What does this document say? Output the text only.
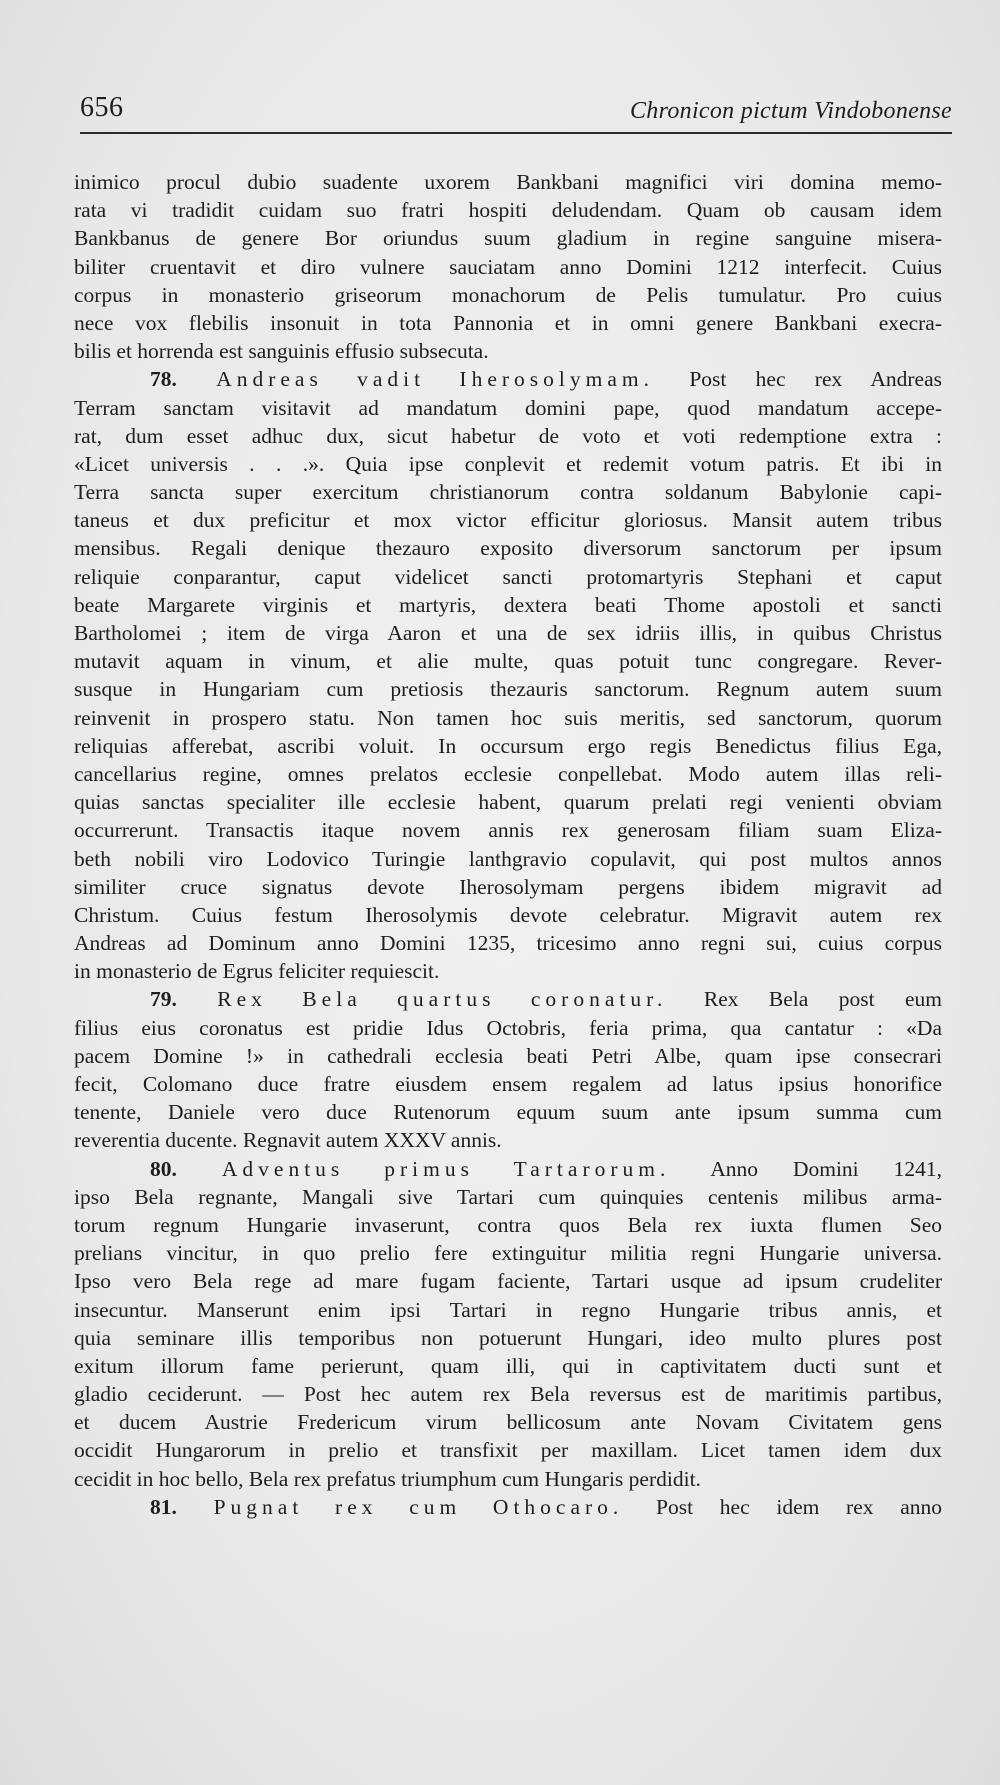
656	Chronicon pictum Vindobonense
inimico procul dubio suadente uxorem Bankbani magnifici viri domina memo-
rata vi tradidit cuidam suo fratri hospiti deludendam. Quam ob causam idem
Bankbanus de genere Bor oriundus suum gladium in regine sanguine misera-
biliter cruentavit et diro vulnere sauciatam anno Domini 1212 interfecit. Cuius
corpus in monasterio griseorum monachorum de Pelis tumulatur. Pro cuius
nece vox flebilis insonuit in tota Pannonia et in omni genere Bankbani execra-
bilis et horrenda est sanguinis effusio subsecuta.
78. Andreas vadit Iherosolymam. Post hec rex Andreas
Terram sanctam visitavit ad mandatum domini pape, quod mandatum accepe-
rat, dum esset adhuc dux, sicut habetur de voto et voti redemptione extra :
«Licet universis . . .». Quia ipse conplevit et redemit votum patris. Et ibi in
Terra sancta super exercitum christianorum contra soldanum Babylonie capi-
taneus et dux preficitur et mox victor efficitur gloriosus. Mansit autem tribus
mensibus. Regali denique thezauro exposito diversorum sanctorum per ipsum
reliquie conparantur, caput videlicet sancti protomartyris Stephani et caput
beate Margarete virginis et martyris, dextera beati Thome apostoli et sancti
Bartholomei ; item de virga Aaron et una de sex idriis illis, in quibus Christus
mutavit aquam in vinum, et alie multe, quas potuit tunc congregare. Rever-
susque in Hungariam cum pretiosis thezauris sanctorum. Regnum autem suum
reinvenit in prospero statu. Non tamen hoc suis meritis, sed sanctorum, quorum
reliquias afferebat, ascribi voluit. In occursum ergo regis Benedictus filius Ega,
cancellarius regine, omnes prelatos ecclesie conpellebat. Modo autem illas reli-
quias sanctas specialiter ille ecclesie habent, quarum prelati regi venienti obviam
occurrerunt. Transactis itaque novem annis rex generosam filiam suam Eliza-
beth nobili viro Lodovico Turingie lanthgravio copulavit, qui post multos annos
similiter cruce signatus devote Iherosolymam pergens ibidem migravit ad
Christum. Cuius festum Iherosolymis devote celebratur. Migravit autem rex
Andreas ad Dominum anno Domini 1235, tricesimo anno regni sui, cuius corpus
in monasterio de Egrus feliciter requiescit.
79. Rex Bela quartus coronatur. Rex Bela post eum
filius eius coronatus est pridie Idus Octobris, feria prima, qua cantatur : «Da
pacem Domine !» in cathedrali ecclesia beati Petri Albe, quam ipse consecrari
fecit, Colomano duce fratre eiusdem ensem regalem ad latus ipsius honorifice
tenente, Daniele vero duce Rutenorum equum suum ante ipsum summa cum
reverentia ducente. Regnavit autem XXXV annis.
80. Adventus primus Tartarorum. Anno Domini 1241,
ipso Bela regnante, Mangali sive Tartari cum quinquies centenis milibus arma-
torum regnum Hungarie invaserunt, contra quos Bela rex iuxta flumen Seo
prelians vincitur, in quo prelio fere extinguitur militia regni Hungarie universa.
Ipso vero Bela rege ad mare fugam faciente, Tartari usque ad ipsum crudeliter
insecuntur. Manserunt enim ipsi Tartari in regno Hungarie tribus annis, et
quia seminare illis temporibus non potuerunt Hungari, ideo multo plures post
exitum illorum fame perierunt, quam illi, qui in captivitatem ducti sunt et
gladio ceciderunt. — Post hec autem rex Bela reversus est de maritimis partibus,
et ducem Austrie Fredericum virum bellicosum ante Novam Civitatem gens
occidit Hungarorum in prelio et transfixit per maxillam. Licet tamen idem dux
cecidit in hoc bello, Bela rex prefatus triumphum cum Hungaris perdidit.
81. Pugnat rex cum Othocaro. Post hec idem rex anno
